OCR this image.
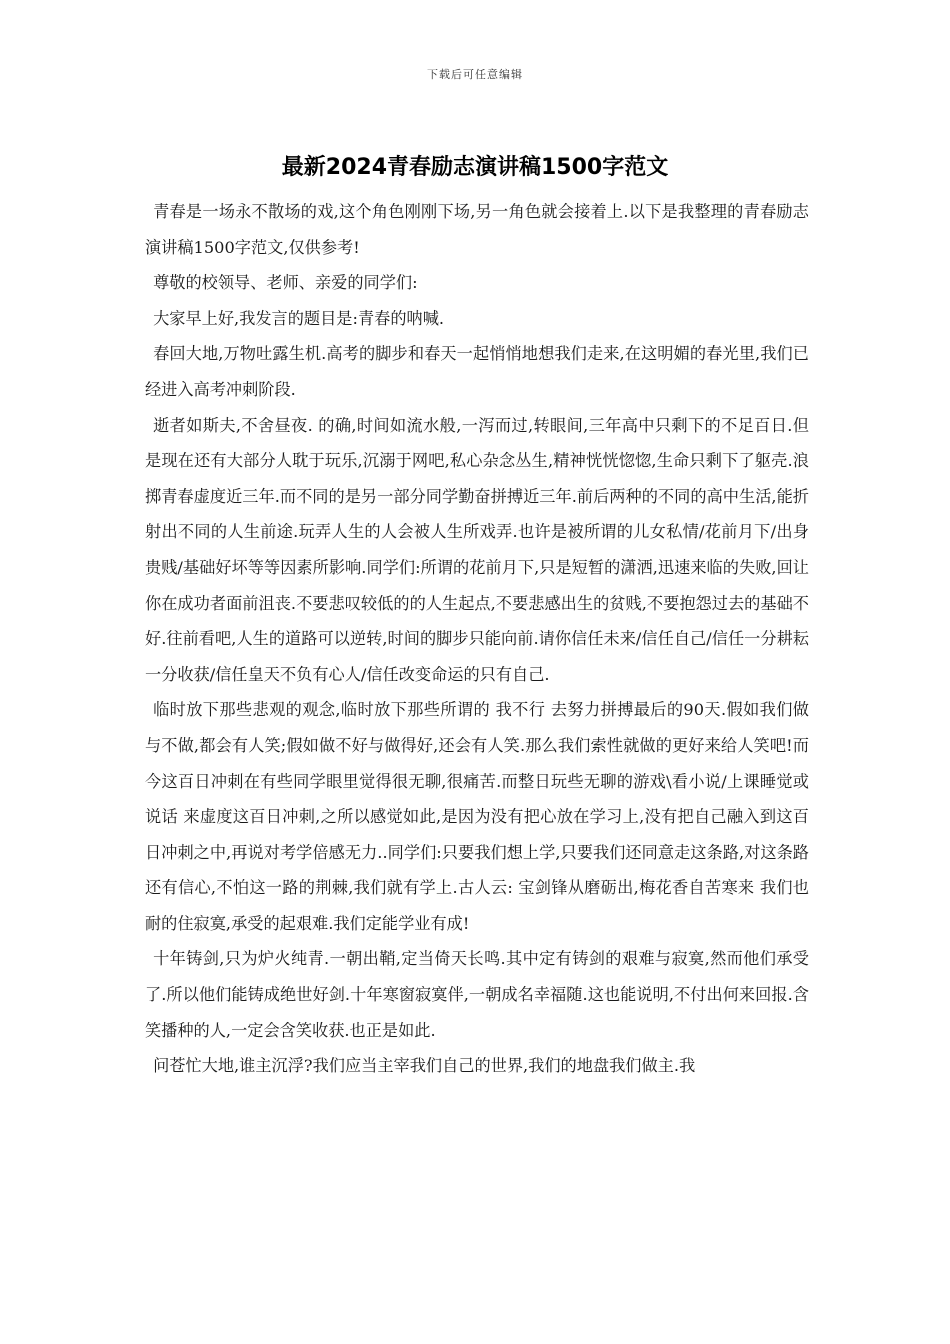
下载后可任意编辑
最新2024青春励志演讲稿1500字范文

青春是一场永不散场的戏,这个角色刚刚下场,另一角色就会接着上.以下是我整理的青春励志演讲稿1500字范文,仅供参考!

尊敬的校领导、老师、亲爱的同学们:

大家早上好,我发言的题目是:青春的呐喊.

春回大地,万物吐露生机.高考的脚步和春天一起悄悄地想我们走来,在这明媚的春光里,我们已经进入高考冲刺阶段.

逝者如斯夫,不舍昼夜. 的确,时间如流水般,一泻而过,转眼间,三年高中只剩下的不足百日.但是现在还有大部分人耽于玩乐,沉溺于网吧,私心杂念丛生,精神恍恍惚惚,生命只剩下了躯壳.浪掷青春虚度近三年.而不同的是另一部分同学勤奋拼搏近三年.前后两种的不同的高中生活,能折射出不同的人生前途.玩弄人生的人会被人生所戏弄.也许是被所谓的儿女私情/花前月下/出身贵贱/基础好坏等等因素所影响.同学们:所谓的花前月下,只是短暂的潇洒,迅速来临的失败,回让你在成功者面前沮丧.不要悲叹较低的的人生起点,不要悲感出生的贫贱,不要抱怨过去的基础不好.往前看吧,人生的道路可以逆转,时间的脚步只能向前.请你信任未来/信任自己/信任一分耕耘一分收获/信任皇天不负有心人/信任改变命运的只有自己.

临时放下那些悲观的观念,临时放下那些所谓的 我不行 去努力拼搏最后的90天.假如我们做与不做,都会有人笑;假如做不好与做得好,还会有人笑.那么我们索性就做的更好来给人笑吧!而今这百日冲刺在有些同学眼里觉得很无聊,很痛苦.而整日玩些无聊的游戏\看小说/上课睡觉或说话 来虚度这百日冲刺,之所以感觉如此,是因为没有把心放在学习上,没有把自己融入到这百日冲刺之中,再说对考学倍感无力..同学们:只要我们想上学,只要我们还同意走这条路,对这条路还有信心,不怕这一路的荆棘,我们就有学上.古人云: 宝剑锋从磨砺出,梅花香自苦寒来 我们也耐的住寂寞,承受的起艰难.我们定能学业有成!

十年铸剑,只为炉火纯青.一朝出鞘,定当倚天长鸣.其中定有铸剑的艰难与寂寞,然而他们承受了.所以他们能铸成绝世好剑.十年寒窗寂寞伴,一朝成名幸福随.这也能说明,不付出何来回报.含笑播种的人,一定会含笑收获.也正是如此.

问苍忙大地,谁主沉浮?我们应当主宰我们自己的世界,我们的地盘我们做主.我
